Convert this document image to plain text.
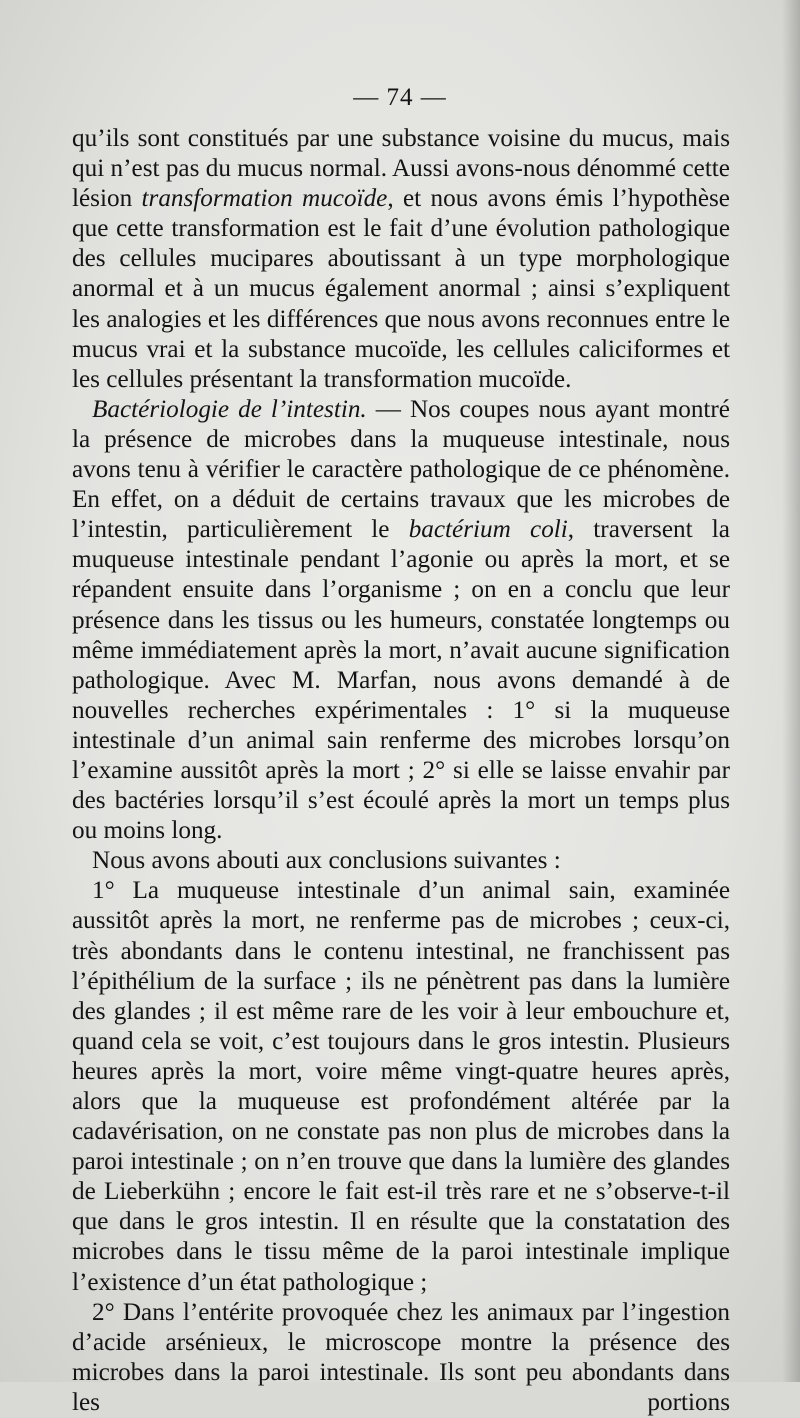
— 74 —

qu’ils sont constitués par une substance voisine du mucus, mais qui n’est pas du mucus normal. Aussi avons-nous dénommé cette lésion transformation mucoïde, et nous avons émis l’hypothèse que cette transformation est le fait d’une évolution pathologique des cellules mucipares aboutissant à un type morphologique anormal et à un mucus également anormal ; ainsi s’expliquent les analogies et les différences que nous avons reconnues entre le mucus vrai et la substance mucoïde, les cellules caliciformes et les cellules présentant la transformation mucoïde.

Bactériologie de l’intestin. — Nos coupes nous ayant montré la présence de microbes dans la muqueuse intestinale, nous avons tenu à vérifier le caractère pathologique de ce phénomène. En effet, on a déduit de certains travaux que les microbes de l’intestin, particulièrement le bactérium coli, traversent la muqueuse intestinale pendant l’agonie ou après la mort, et se répandent ensuite dans l’organisme ; on en a conclu que leur présence dans les tissus ou les humeurs, constatée longtemps ou même immédiatement après la mort, n’avait aucune signification pathologique. Avec M. Marfan, nous avons demandé à de nouvelles recherches expérimentales : 1° si la muqueuse intestinale d’un animal sain renferme des microbes lorsqu’on l’examine aussitôt après la mort ; 2° si elle se laisse envahir par des bactéries lorsqu’il s’est écoulé après la mort un temps plus ou moins long.

Nous avons abouti aux conclusions suivantes :

1° La muqueuse intestinale d’un animal sain, examinée aussitôt après la mort, ne renferme pas de microbes ; ceux-ci, très abondants dans le contenu intestinal, ne franchissent pas l’épithélium de la surface ; ils ne pénètrent pas dans la lumière des glandes ; il est même rare de les voir à leur embouchure et, quand cela se voit, c’est toujours dans le gros intestin. Plusieurs heures après la mort, voire même vingt-quatre heures après, alors que la muqueuse est profondément altérée par la cadavérisation, on ne constate pas non plus de microbes dans la paroi intestinale ; on n’en trouve que dans la lumière des glandes de Lieberkühn ; encore le fait est-il très rare et ne s’observe-t-il que dans le gros intestin. Il en résulte que la constatation des microbes dans le tissu même de la paroi intestinale implique l’existence d’un état pathologique ;

2° Dans l’entérite provoquée chez les animaux par l’ingestion d’acide arsénieux, le microscope montre la présence des microbes dans la paroi intestinale. Ils sont peu abondants dans les portions
